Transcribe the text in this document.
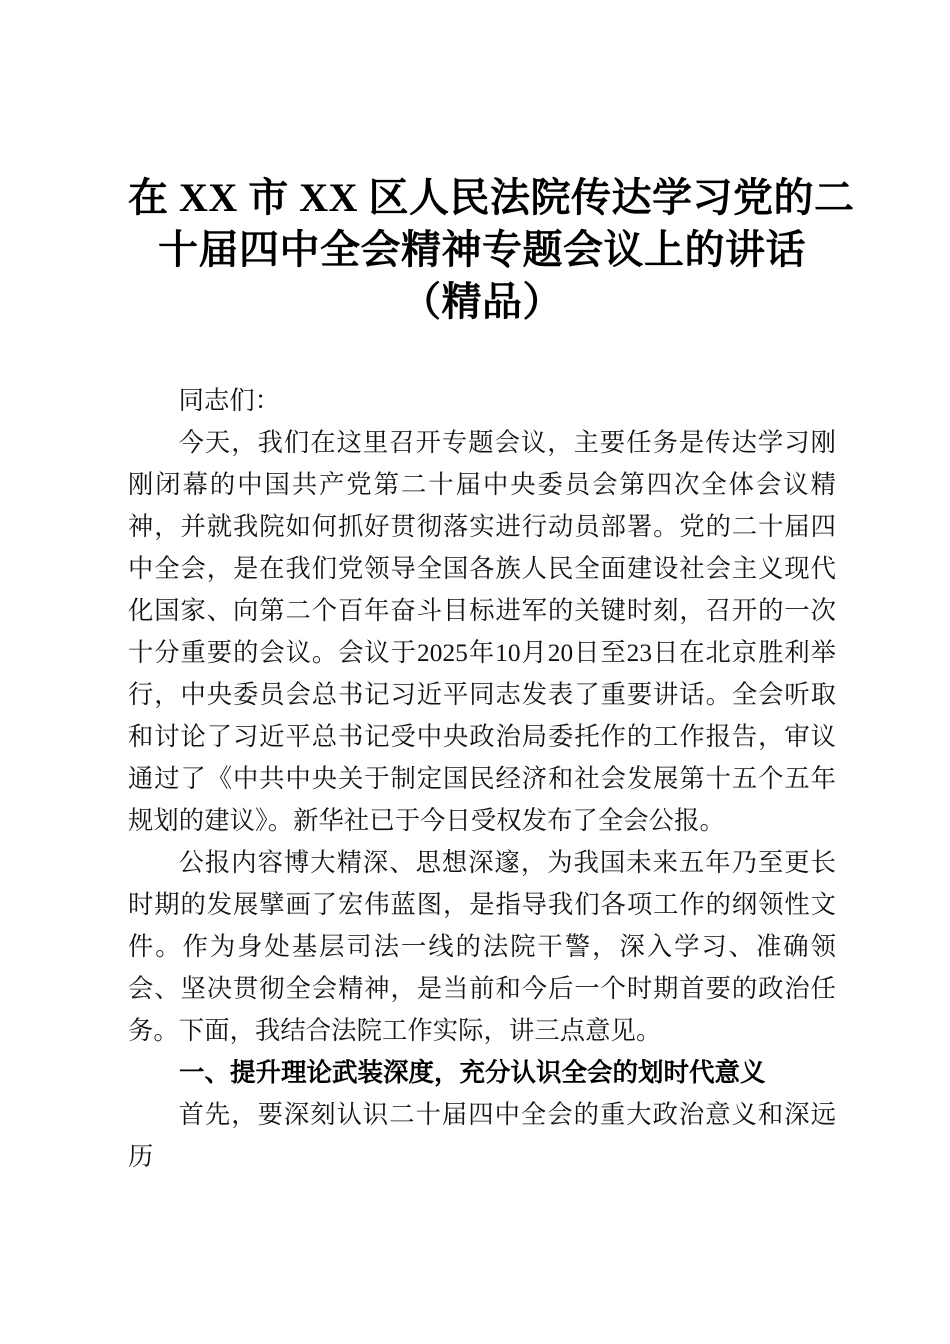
在 XX 市 XX 区人民法院传达学习党的二
十届四中全会精神专题会议上的讲话
（精品）

同志们：

今天，我们在这里召开专题会议，主要任务是传达学习刚刚闭幕的中国共产党第二十届中央委员会第四次全体会议精神，并就我院如何抓好贯彻落实进行动员部署。党的二十届四中全会，是在我们党领导全国各族人民全面建设社会主义现代化国家、向第二个百年奋斗目标进军的关键时刻，召开的一次十分重要的会议。会议于2025年10月20日至23日在北京胜利举行，中央委员会总书记习近平同志发表了重要讲话。全会听取和讨论了习近平总书记受中央政治局委托作的工作报告，审议通过了《中共中央关于制定国民经济和社会发展第十五个五年规划的建议》。新华社已于今日受权发布了全会公报。

公报内容博大精深、思想深邃，为我国未来五年乃至更长时期的发展擘画了宏伟蓝图，是指导我们各项工作的纲领性文件。作为身处基层司法一线的法院干警，深入学习、准确领会、坚决贯彻全会精神，是当前和今后一个时期首要的政治任务。下面，我结合法院工作实际，讲三点意见。

一、提升理论武装深度，充分认识全会的划时代意义

首先，要深刻认识二十届四中全会的重大政治意义和深远历
